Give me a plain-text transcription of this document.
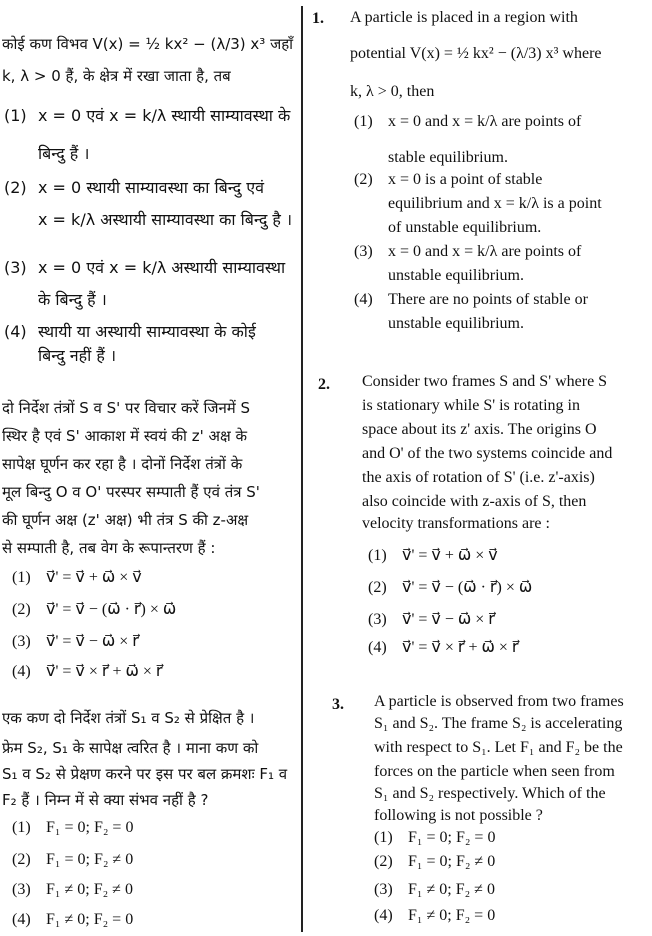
कोई कण विभव V(x) = ½ kx² − (λ/3) x³ जहाँ
k, λ > 0 हैं, के क्षेत्र में रखा जाता है, तब
(1) x = 0 एवं x = k/λ स्थायी साम्यावस्था के
बिन्दु हैं ।
(2) x = 0 स्थायी साम्यावस्था का बिन्दु एवं
x = k/λ अस्थायी साम्यावस्था का बिन्दु है ।
(3) x = 0 एवं x = k/λ अस्थायी साम्यावस्था
के बिन्दु हैं ।
(4) स्थायी या अस्थायी साम्यावस्था के कोई
बिन्दु नहीं हैं ।
दो निर्देश तंत्रों S व S' पर विचार करें जिनमें S
स्थिर है एवं S' आकाश में स्वयं की z' अक्ष के
सापेक्ष घूर्णन कर रहा है । दोनों निर्देश तंत्रों के
मूल बिन्दु O व O' परस्पर सम्पाती हैं एवं तंत्र S'
की घूर्णन अक्ष (z' अक्ष) भी तंत्र S की z-अक्ष
से सम्पाती है, तब वेग के रूपान्तरण हैं :
(1) v⃗' = v⃗ + ω⃗ × v⃗
(2) v⃗' = v⃗ − (ω⃗ · r⃗) × ω⃗
(3) v⃗' = v⃗ − ω⃗ × r⃗
(4) v⃗' = v⃗ × r⃗ + ω⃗ × r⃗
एक कण दो निर्देश तंत्रों S₁ व S₂ से प्रेक्षित है ।
फ्रेम S₂, S₁ के सापेक्ष त्वरित है । माना कण को
S₁ व S₂ से प्रेक्षण करने पर इस पर बल क्रमशः F₁ व
F₂ हैं । निम्न में से क्या संभव नहीं है ?
(1) F₁ = 0; F₂ = 0
(2) F₁ = 0; F₂ ≠ 0
(3) F₁ ≠ 0; F₂ ≠ 0
(4) F₁ ≠ 0; F₂ = 0
1. A particle is placed in a region with
potential V(x) = ½ kx² − (λ/3) x³ where
k, λ > 0, then
(1) x = 0 and x = k/λ are points of
stable equilibrium.
(2) x = 0 is a point of stable
equilibrium and x = k/λ is a point
of unstable equilibrium.
(3) x = 0 and x = k/λ are points of
unstable equilibrium.
(4) There are no points of stable or
unstable equilibrium.
2. Consider two frames S and S' where S
is stationary while S' is rotating in
space about its z' axis. The origins O
and O' of the two systems coincide and
the axis of rotation of S' (i.e. z'-axis)
also coincide with z-axis of S, then
velocity transformations are :
(1) v⃗' = v⃗ + ω⃗ × v⃗
(2) v⃗' = v⃗ − (ω⃗ · r⃗) × ω⃗
(3) v⃗' = v⃗ − ω⃗ × r⃗
(4) v⃗' = v⃗ × r⃗ + ω⃗ × r⃗
3. A particle is observed from two frames
S₁ and S₂. The frame S₂ is accelerating
with respect to S₁. Let F₁ and F₂ be the
forces on the particle when seen from
S₁ and S₂ respectively. Which of the
following is not possible ?
(1) F₁ = 0; F₂ = 0
(2) F₁ = 0; F₂ ≠ 0
(3) F₁ ≠ 0; F₂ ≠ 0
(4) F₁ ≠ 0; F₂ = 0
